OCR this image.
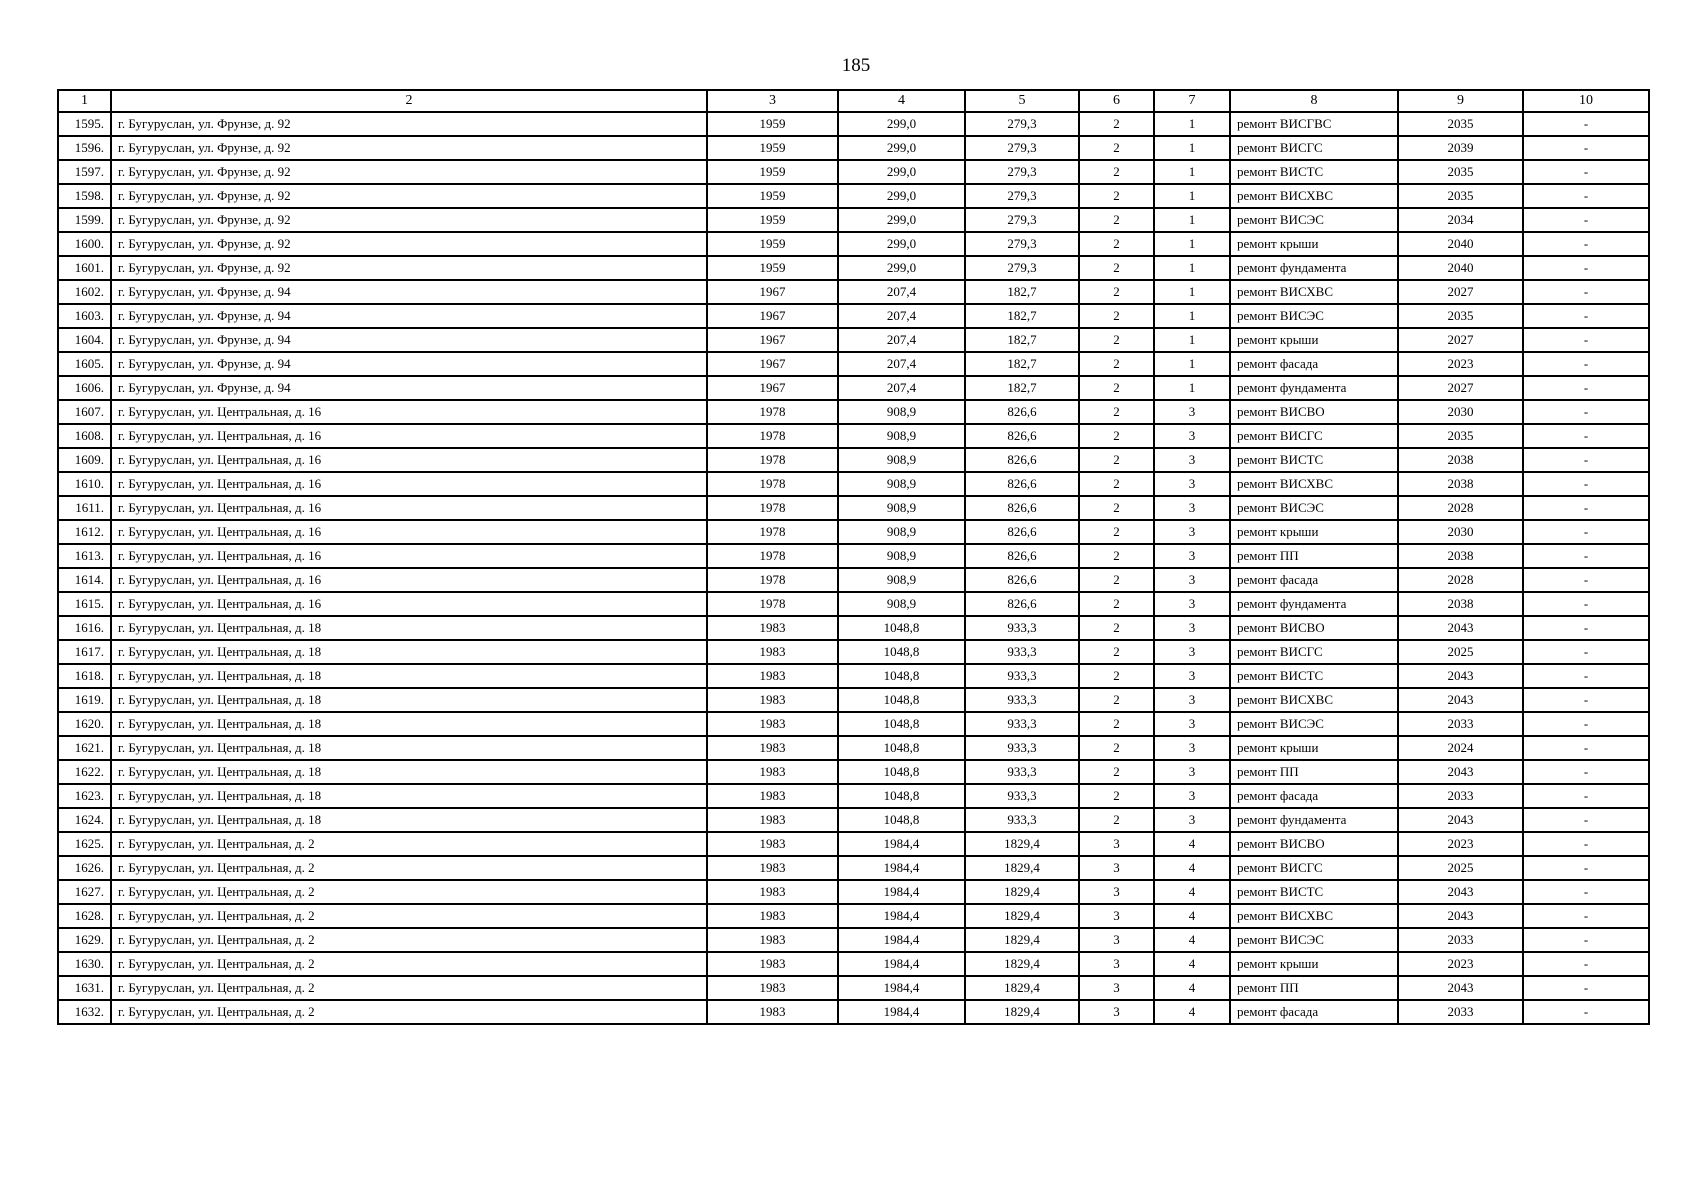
185
1	2	3	4	5	6	7	8	9	10
1595.	г. Бугуруслан, ул. Фрунзе, д. 92	1959	299,0	279,3	2	1	ремонт ВИСГВС	2035	-
1596.	г. Бугуруслан, ул. Фрунзе, д. 92	1959	299,0	279,3	2	1	ремонт ВИСГС	2039	-
1597.	г. Бугуруслан, ул. Фрунзе, д. 92	1959	299,0	279,3	2	1	ремонт ВИСТС	2035	-
1598.	г. Бугуруслан, ул. Фрунзе, д. 92	1959	299,0	279,3	2	1	ремонт ВИСХВС	2035	-
1599.	г. Бугуруслан, ул. Фрунзе, д. 92	1959	299,0	279,3	2	1	ремонт ВИСЭС	2034	-
1600.	г. Бугуруслан, ул. Фрунзе, д. 92	1959	299,0	279,3	2	1	ремонт крыши	2040	-
1601.	г. Бугуруслан, ул. Фрунзе, д. 92	1959	299,0	279,3	2	1	ремонт фундамента	2040	-
1602.	г. Бугуруслан, ул. Фрунзе, д. 94	1967	207,4	182,7	2	1	ремонт ВИСХВС	2027	-
1603.	г. Бугуруслан, ул. Фрунзе, д. 94	1967	207,4	182,7	2	1	ремонт ВИСЭС	2035	-
1604.	г. Бугуруслан, ул. Фрунзе, д. 94	1967	207,4	182,7	2	1	ремонт крыши	2027	-
1605.	г. Бугуруслан, ул. Фрунзе, д. 94	1967	207,4	182,7	2	1	ремонт фасада	2023	-
1606.	г. Бугуруслан, ул. Фрунзе, д. 94	1967	207,4	182,7	2	1	ремонт фундамента	2027	-
1607.	г. Бугуруслан, ул. Центральная, д. 16	1978	908,9	826,6	2	3	ремонт ВИСВО	2030	-
1608.	г. Бугуруслан, ул. Центральная, д. 16	1978	908,9	826,6	2	3	ремонт ВИСГС	2035	-
1609.	г. Бугуруслан, ул. Центральная, д. 16	1978	908,9	826,6	2	3	ремонт ВИСТС	2038	-
1610.	г. Бугуруслан, ул. Центральная, д. 16	1978	908,9	826,6	2	3	ремонт ВИСХВС	2038	-
1611.	г. Бугуруслан, ул. Центральная, д. 16	1978	908,9	826,6	2	3	ремонт ВИСЭС	2028	-
1612.	г. Бугуруслан, ул. Центральная, д. 16	1978	908,9	826,6	2	3	ремонт крыши	2030	-
1613.	г. Бугуруслан, ул. Центральная, д. 16	1978	908,9	826,6	2	3	ремонт ПП	2038	-
1614.	г. Бугуруслан, ул. Центральная, д. 16	1978	908,9	826,6	2	3	ремонт фасада	2028	-
1615.	г. Бугуруслан, ул. Центральная, д. 16	1978	908,9	826,6	2	3	ремонт фундамента	2038	-
1616.	г. Бугуруслан, ул. Центральная, д. 18	1983	1048,8	933,3	2	3	ремонт ВИСВО	2043	-
1617.	г. Бугуруслан, ул. Центральная, д. 18	1983	1048,8	933,3	2	3	ремонт ВИСГС	2025	-
1618.	г. Бугуруслан, ул. Центральная, д. 18	1983	1048,8	933,3	2	3	ремонт ВИСТС	2043	-
1619.	г. Бугуруслан, ул. Центральная, д. 18	1983	1048,8	933,3	2	3	ремонт ВИСХВС	2043	-
1620.	г. Бугуруслан, ул. Центральная, д. 18	1983	1048,8	933,3	2	3	ремонт ВИСЭС	2033	-
1621.	г. Бугуруслан, ул. Центральная, д. 18	1983	1048,8	933,3	2	3	ремонт крыши	2024	-
1622.	г. Бугуруслан, ул. Центральная, д. 18	1983	1048,8	933,3	2	3	ремонт ПП	2043	-
1623.	г. Бугуруслан, ул. Центральная, д. 18	1983	1048,8	933,3	2	3	ремонт фасада	2033	-
1624.	г. Бугуруслан, ул. Центральная, д. 18	1983	1048,8	933,3	2	3	ремонт фундамента	2043	-
1625.	г. Бугуруслан, ул. Центральная, д. 2	1983	1984,4	1829,4	3	4	ремонт ВИСВО	2023	-
1626.	г. Бугуруслан, ул. Центральная, д. 2	1983	1984,4	1829,4	3	4	ремонт ВИСГС	2025	-
1627.	г. Бугуруслан, ул. Центральная, д. 2	1983	1984,4	1829,4	3	4	ремонт ВИСТС	2043	-
1628.	г. Бугуруслан, ул. Центральная, д. 2	1983	1984,4	1829,4	3	4	ремонт ВИСХВС	2043	-
1629.	г. Бугуруслан, ул. Центральная, д. 2	1983	1984,4	1829,4	3	4	ремонт ВИСЭС	2033	-
1630.	г. Бугуруслан, ул. Центральная, д. 2	1983	1984,4	1829,4	3	4	ремонт крыши	2023	-
1631.	г. Бугуруслан, ул. Центральная, д. 2	1983	1984,4	1829,4	3	4	ремонт ПП	2043	-
1632.	г. Бугуруслан, ул. Центральная, д. 2	1983	1984,4	1829,4	3	4	ремонт фасада	2033	-
